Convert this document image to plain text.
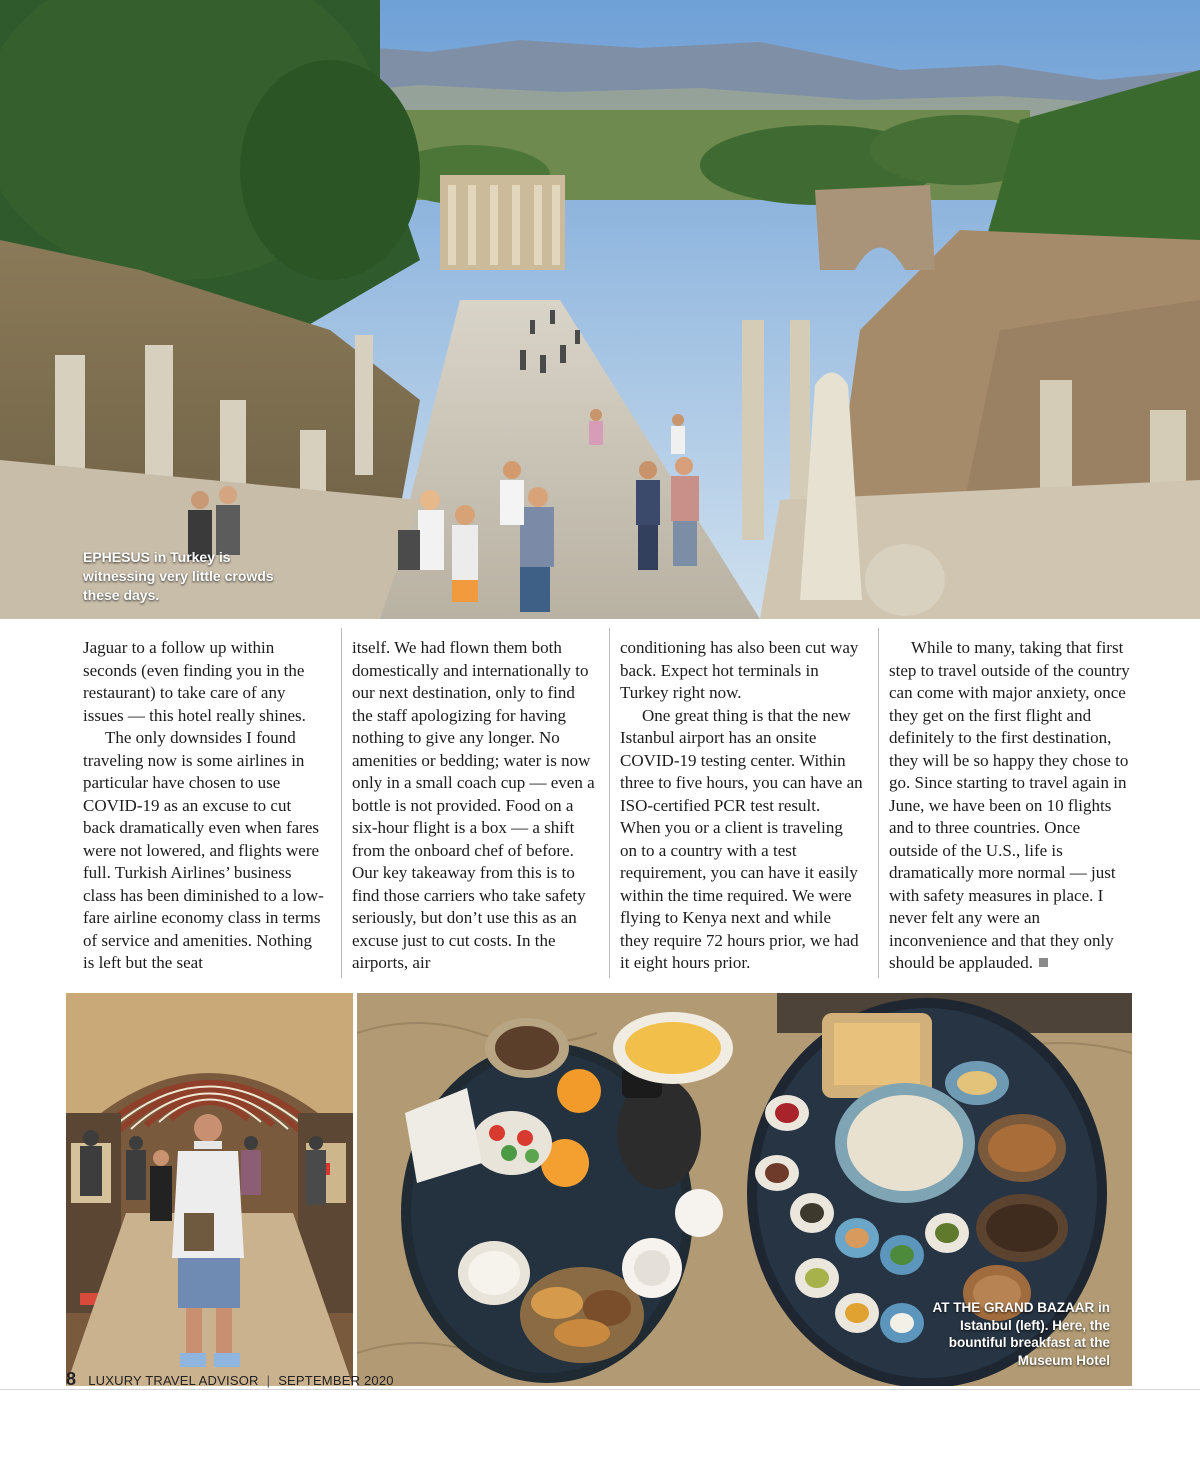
EPHESUS in Turkey is
witnessing very little crowds
these days.

Jaguar to a follow up within seconds (even finding you in the restaurant) to take care of any issues — this hotel really shines.

The only downsides I found traveling now is some airlines in particular have chosen to use COVID-19 as an excuse to cut back dramatically even when fares were not lowered, and flights were full. Turkish Airlines’ business class has been diminished to a low-fare airline economy class in terms of service and amenities. Nothing is left but the seat

itself. We had flown them both domestically and internationally to our next destination, only to find the staff apologizing for having nothing to give any longer. No amenities or bedding; water is now only in a small coach cup — even a bottle is not provided. Food on a six-hour flight is a box — a shift from the onboard chef of before. Our key takeaway from this is to find those carriers who take safety seriously, but don’t use this as an excuse just to cut costs. In the airports, air

conditioning has also been cut way back. Expect hot terminals in Turkey right now.

One great thing is that the new Istanbul airport has an onsite COVID-19 testing center. Within three to five hours, you can have an ISO-certified PCR test result. When you or a client is traveling on to a country with a test requirement, you can have it easily within the time required. We were flying to Kenya next and while they require 72 hours prior, we had it eight hours prior.

While to many, taking that first step to travel outside of the country can come with major anxiety, once they get on the first flight and definitely to the first destination, they will be so happy they chose to go. Since starting to travel again in June, we have been on 10 flights and to three countries. Once outside of the U.S., life is dramatically more normal — just with safety measures in place. I never felt any were an inconvenience and that they only should be applauded.

AT THE GRAND BAZAAR in
Istanbul (left). Here, the
bountiful breakfast at the
Museum Hotel
8 LUXURY TRAVEL ADVISOR | SEPTEMBER 2020
